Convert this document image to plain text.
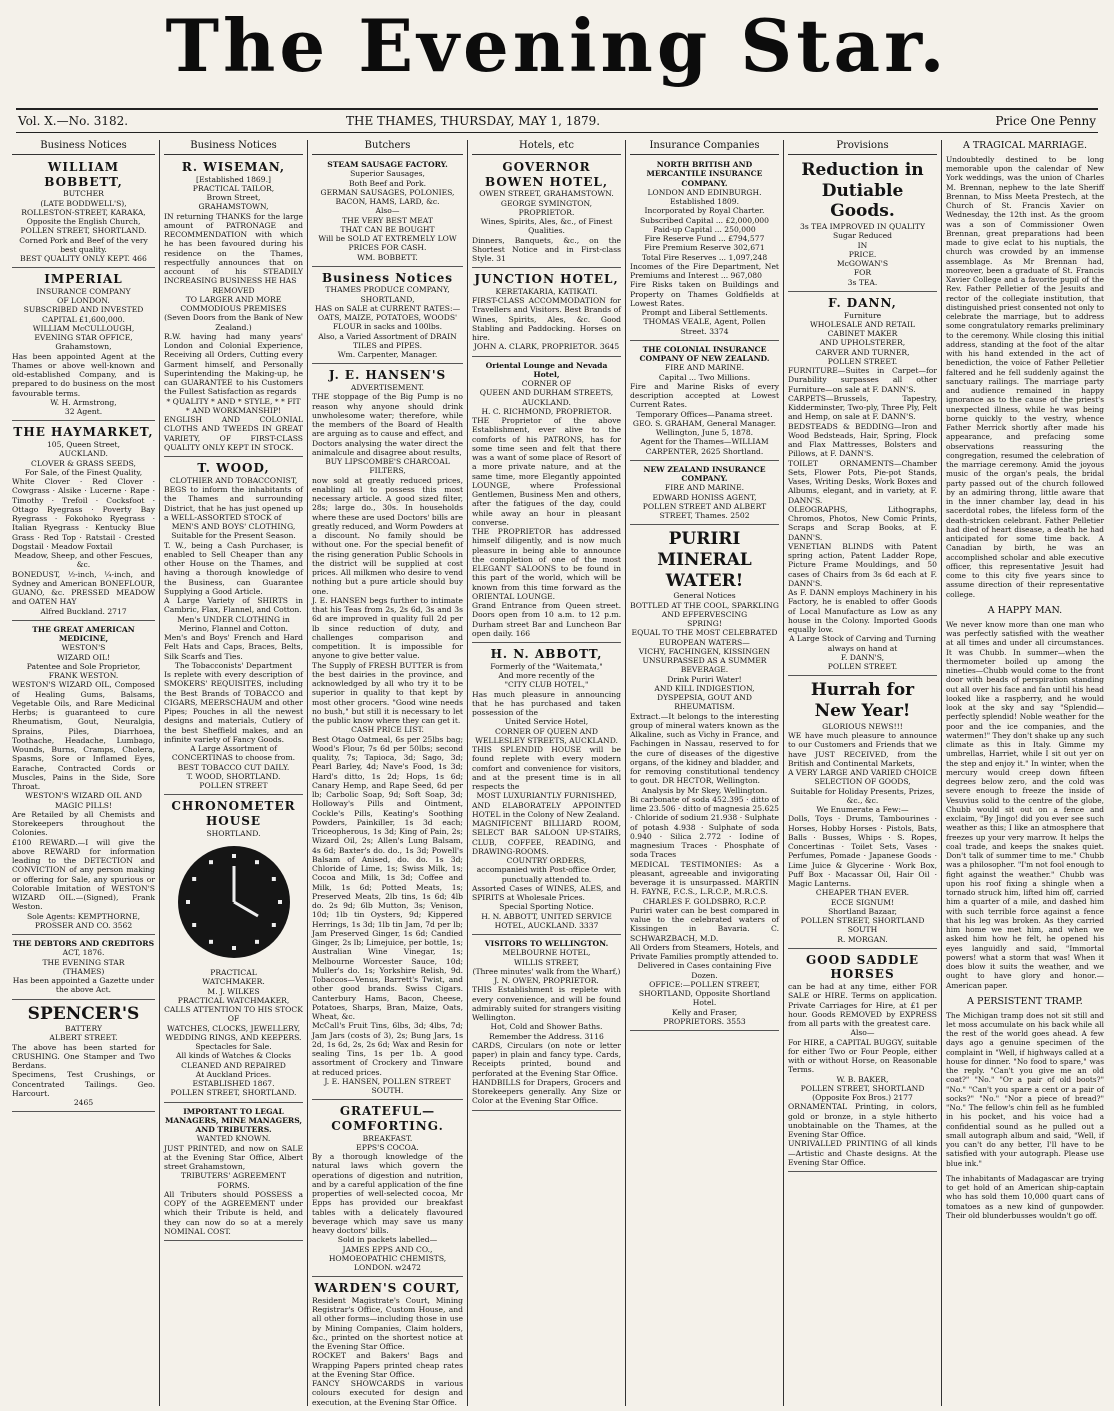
The Evening Star.
Vol. X.—No. 3182.	THE THAMES, THURSDAY, MAY 1, 1879.	Price One Penny
Business Notices
WILLIAM BOBBETT,
BUTCHER
(LATE BODDWELL'S),
ROLLESTON-STREET, KARAKA,
Opposite the English Church,
POLLEN STREET, SHORTLAND.
Corned Pork and Beef of the very best quality.
BEST QUALITY ONLY KEPT. 466
IMPERIAL
INSURANCE COMPANY
OF LONDON.
SUBSCRIBED AND INVESTED
CAPITAL £1,600,000.
WILLIAM McCULLOUGH,
EVENING STAR OFFICE,
Grahamstown,
Has been appointed Agent at the Thames or above well-known and old-established Company, and is prepared to do business on the most favourable terms.
W. H. Armstrong,
32 Agent.
THE HAYMARKET,
105, Queen Street,
AUCKLAND.
CLOVER & GRASS SEEDS,
For Sale, of the Finest Quality,
White Clover · Red Clover · Cowgrass · Alsike · Lucerne · Rape · Timothy · Trefoil · Cocksfoot · Ottago Ryegrass · Poverty Bay Ryegrass · Fokohoko Ryegrass · Italian Ryegrass · Kentucky Blue Grass · Red Top · Ratstail · Crested Dogstail · Meadow Foxtail
Meadow, Sheep, and other Fescues, &c.
BONEDUST, ½-inch, ¼-inch, and Sydney and American BONEFLOUR, GUANO, &c. PRESSED MEADOW and OATEN HAY
Alfred Buckland. 2717
THE GREAT AMERICAN MEDICINE,
WESTON'S
WIZARD OIL!
Patentee and Sole Proprietor, FRANK WESTON.
WESTON'S WIZARD OIL, Composed of Healing Gums, Balsams, Vegetable Oils, and Rare Medicinal Herbs; is guaranteed to cure Rheumatism, Gout, Neuralgia, Sprains, Piles, Diarrhoea, Toothache, Headache, Lumbago, Wounds, Burns, Cramps, Cholera, Spasms, Sore or Inflamed Eyes, Earache, Contracted Cords or Muscles, Pains in the Side, Sore Throat.
WESTON'S WIZARD OIL AND MAGIC PILLS!
Are Retailed by all Chemists and Storekeepers throughout the Colonies.
£100 REWARD.—I will give the above REWARD for information leading to the DETECTION and CONVICTION of any person making or offering for Sale, any spurious or Colorable Imitation of WESTON'S WIZARD OIL.—(Signed), Frank Weston.
Sole Agents: KEMPTHORNE, PROSSER AND CO. 3562
THE DEBTORS AND CREDITORS
ACT, 1876.
THE EVENING STAR
(THAMES)
Has been appointed a Gazette under the above Act.
SPENCER'S
BATTERY
ALBERT STREET.
The above has been started for CRUSHING. One Stamper and Two Berdans.
Specimens, Test Crushings, or Concentrated Tailings. Geo. Harcourt.
2465
Business Notices
R. WISEMAN,
[Established 1869.]
PRACTICAL TAILOR,
Brown Street,
GRAHAMSTOWN,
IN returning THANKS for the large amount of PATRONAGE and RECOMMENDATION with which he has been favoured during his residence on the Thames, respectfully announces that on account of his STEADILY INCREASING BUSINESS HE HAS
REMOVED
TO LARGER AND MORE COMMODIOUS PREMISES
(Seven Doors from the Bank of New Zealand.)
R.W. having had many years' London and Colonial Experience, Receiving all Orders, Cutting every Garment himself, and Personally Superintending the Making-up, he can GUARANTEE to his Customers the Fullest Satisfaction as regards
* QUALITY * AND * STYLE, * * FIT * AND WORKMANSHIP!
ENGLISH AND COLONIAL CLOTHS AND TWEEDS IN GREAT VARIETY, OF FIRST-CLASS QUALITY ONLY KEPT IN STOCK.
T. WOOD,
CLOTHIER AND TOBACCONIST,
BEGS to inform the inhabitants of the Thames and surrounding District, that he has just opened up a WELL-ASSORTED STOCK of
MEN'S AND BOYS' CLOTHING,
Suitable for the Present Season.
T. W., being a Cash Purchaser, is enabled to Sell Cheaper than any other House on the Thames, and having a thorough knowledge of the Business, can Guarantee Supplying a Good Article.
A Large Variety of SHIRTS in Cambric, Flax, Flannel, and Cotton.
Men's UNDER CLOTHING in Merino, Flannel and Cotton.
Men's and Boys' French and Hard Felt Hats and Caps, Braces, Belts, Silk Scarfs and Ties.
The Tobacconists' Department
Is replete with every description of SMOKERS' REQUISITES, including the Best Brands of TOBACCO and CIGARS, MEERSCHAUM and other Pipes; Pouches in all the newest designs and materials, Cutlery of the best Sheffield makes, and an infinite variety of Fancy Goods.
A Large Assortment of CONCERTINAS to choose from.
BEST TOBACCO CUT DAILY.
T. WOOD, SHORTLAND.
POLLEN STREET
CHRONOMETER HOUSE
SHORTLAND.
PRACTICAL
WATCHMAKER.
M. J. WILKES
PRACTICAL WATCHMAKER,
CALLS ATTENTION TO HIS STOCK OF
WATCHES, CLOCKS, JEWELLERY, WEDDING RINGS, AND KEEPERS.
Spectacles for Sale.
All kinds of Watches & Clocks
CLEANED AND REPAIRED
At Auckland Prices.
ESTABLISHED 1867.
POLLEN STREET, SHORTLAND.
IMPORTANT TO LEGAL MANAGERS, MINE MANAGERS, AND TRIBUTERS.
WANTED KNOWN.
JUST PRINTED, and now on SALE at the Evening Star Office, Albert street Grahamstown,
TRIBUTERS' AGREEMENT FORMS.
All Tributers should POSSESS a COPY of the AGREEMENT under which their Tribute is held, and they can now do so at a merely NOMINAL COST.
Butchers
STEAM SAUSAGE FACTORY.
Superior Sausages,
Both Beef and Pork.
GERMAN SAUSAGES, POLONIES,
BACON, HAMS, LARD, &c.
Also—
THE VERY BEST MEAT
THAT CAN BE BOUGHT
Will be SOLD AT EXTREMELY LOW PRICES FOR CASH.
WM. BOBBETT.
Business Notices
THAMES PRODUCE COMPANY, SHORTLAND,
HAS on SALE at CURRENT RATES:—
OATS, MAIZE, POTATOES, WOODS' FLOUR in sacks and 100lbs.
Also, a Varied Assortment of DRAIN TILES and PIPES.
Wm. Carpenter, Manager.
J. E. HANSEN'S
ADVERTISEMENT.
THE stoppage of the Big Pump is no reason why anyone should drink unwholesome water; therefore, while the members of the Board of Health are arguing as to cause and effect, and Doctors analysing the water direct the animalcule and disagree about results,
BUY LIPSCOMBE'S CHARCOAL FILTERS,
now sold at greatly reduced prices, enabling all to possess this most necessary article. A good sized filter, 28s; large do., 30s. In households where these are used Doctors' bills are greatly reduced, and Worm Powders at a discount. No family should be without one. For the special benefit of the rising generation Public Schools in the district will be supplied at cost prices. All milkmen who desire to vend nothing but a pure article should buy one.
J. E. HANSEN begs further to intimate that his Teas from 2s, 2s 6d, 3s and 3s 6d are improved in quality full 2d per lb since reduction of duty, and challenges comparison and competition. It is impossible for anyone to give better value.
The Supply of FRESH BUTTER is from the best dairies in the province, and acknowledged by all who try it to be superior in quality to that kept by most other grocers. "Good wine needs no bush," but still it is necessary to let the public know where they can get it.
CASH PRICE LIST.
Best Otago Oatmeal, 6s per 25lbs bag; Wood's Flour, 7s 6d per 50lbs; second quality, 7s; Tapioca, 3d; Sago, 3d; Pearl Barley, 4d; Nave's Food, 1s 3d; Hard's ditto, 1s 2d; Hops, 1s 6d; Canary Hemp, and Rape Seed, 6d per lb; Carbolic Soap, 9d; Soft Soap, 3d; Holloway's Pills and Ointment, Cockle's Pills, Keating's Soothing Powders, Painkiller, 1s 3d each; Triceopherous, 1s 3d; King of Pain, 2s; Wizard Oil, 2s; Allen's Lung Balsam, 4s 6d; Baxter's do. do., 1s 3d; Powell's Balsam of Anised, do. do. 1s 3d; Chloride of Lime, 1s; Swiss Milk, 1s; Cocoa and Milk, 1s 3d; Coffee and Milk, 1s 6d; Potted Meats, 1s; Preserved Meats, 2lb tins, 1s 6d; 4lb do. 2s 9d; 6lb Mutton, 3s; Venison, 10d; 1lb tin Oysters, 9d; Kippered Herrings, 1s 3d; 1lb tin Jam, 7d per lb; Jam Preserved Ginger, 1s 6d; Candied Ginger, 2s lb; Limejuice, per bottle, 1s; Australian Wine Vinegar, 1s; Melbourne Worcester Sauce, 10d; Muller's do. 1s; Yorkshire Relish, 9d. Tobaccos—Venus, Barrett's Twist, and other good brands. Swiss Cigars. Canterbury Hams, Bacon, Cheese, Potatoes, Sharps, Bran, Maize, Oats, Wheat, &c.
McCall's Fruit Tins, 6lbs, 3d; 4lbs, 7d; Jam Jars (costs of 3), 2s; Bung Jars, 1s 2d, 1s 6d, 2s, 2s 6d; Wax and Resin for sealing Tins, 1s per 1b. A good assortment of Crockery and Tinware at reduced prices.
J. E. HANSEN, POLLEN STREET SOUTH.
GRATEFUL—COMFORTING.
BREAKFAST.
EPPS'S COCOA.
By a thorough knowledge of the natural laws which govern the operations of digestion and nutrition, and by a careful application of the fine properties of well-selected cocoa, Mr Epps has provided our breakfast tables with a delicately flavoured beverage which may save us many heavy doctors' bills.
Sold in packets labelled—
JAMES EPPS AND CO., HOMOEOPATHIC CHEMISTS, LONDON. w2472
WARDEN'S COURT,
Resident Magistrate's Court, Mining Registrar's Office, Custom House, and all other forms—including those in use by Mining Companies, Claim holders, &c., printed on the shortest notice at the Evening Star Office.
ROCKET and Bakers' Bags and Wrapping Papers printed cheap rates at the Evening Star Office.
FANCY SHOWCARDS in various colours executed for design and execution, at the Evening Star Office.
Hotels, etc
GOVERNOR BOWEN HOTEL,
OWEN STREET, GRAHAMSTOWN.
GEORGE SYMINGTON, PROPRIETOR.
Wines, Spirits, Ales, &c., of Finest Qualities.
Dinners, Banquets, &c., on the Shortest Notice and in First-class Style. 31
JUNCTION HOTEL,
KERETAKARIA, KATIKATI.
FIRST-CLASS ACCOMMODATION for Travellers and Visitors. Best Brands of Wines, Spirits, Ales, &c. Good Stabling and Paddocking. Horses on hire.
JOHN A. CLARK, PROPRIETOR. 3645
Oriental Lounge and Nevada Hotel,
CORNER OF
QUEEN AND DURHAM STREETS, AUCKLAND.
H. C. RICHMOND, PROPRIETOR.
THE Proprietor of the above Establishment, ever alive to the comforts of his PATRONS, has for some time seen and felt that there was a want of some place of Resort of a more private nature, and at the same time, more Elegantly appointed LOUNGE, where Professional Gentlemen, Business Men and others, after the fatigues of the day, could while away an hour in pleasant converse.
THE PROPRIETOR has addressed himself diligently, and is now much pleasure in being able to announce the completion of one of the most ELEGANT SALOONS to be found in this part of the world, which will be known from this time forward as the ORIENTAL LOUNGE.
Grand Entrance from Queen street. Doors open from 10 a.m. to 12 p.m. Durham street Bar and Luncheon Bar open daily. 166
H. N. ABBOTT,
Formerly of the "Waitemata,"
And more recently of the
"CITY CLUB HOTEL,"
Has much pleasure in announcing that he has purchased and taken possession of the
United Service Hotel,
CORNER OF QUEEN AND WELLESLEY STREETS, AUCKLAND.
THIS SPLENDID HOUSE will be found replete with every modern comfort and convenience for visitors, and at the present time is in all respects the
MOST LUXURIANTLY FURNISHED,
AND ELABORATELY APPOINTED HOTEL in the Colony of New Zealand.
MAGNIFICENT BILLIARD ROOM, SELECT BAR SALOON UP-STAIRS, CLUB, COFFEE, READING, and DRAWING-ROOMS.
COUNTRY ORDERS,
accompanied with Post-office Order, punctually attended to.
Assorted Cases of WINES, ALES, and SPIRITS at Wholesale Prices.
Special Sporting Notice.
H. N. ABBOTT, UNITED SERVICE HOTEL, AUCKLAND. 3337
VISITORS TO WELLINGTON.
MELBOURNE HOTEL,
WILLIS STREET,
(Three minutes' walk from the Wharf,)
J. N. OWEN, PROPRIETOR.
THIS Establishment is replete with every convenience, and will be found admirably suited for strangers visiting Wellington.
Hot, Cold and Shower Baths. Remember the Address. 3116
CARDS, Circulars (on note or letter paper) in plain and fancy type. Cards, Receipts printed, bound and perforated at the Evening Star Office.
HANDBILLS for Drapers, Grocers and Storekeepers generally. Any Size or Color at the Evening Star Office.
Insurance Companies
NORTH BRITISH AND MERCANTILE INSURANCE COMPANY.
LONDON AND EDINBURGH.
Established 1809.
Incorporated by Royal Charter.
Subscribed Capital ... £2,000,000
Paid-up Capital ... 250,000
Fire Reserve Fund ... £794,577
Fire Premium Reserve 302,671
Total Fire Reserves ... 1,097,248
Incomes of the Fire Department, Net Premiums and Interest ... 967,080
Fire Risks taken on Buildings and Property on Thames Goldfields at Lowest Rates.
Prompt and Liberal Settlements.
THOMAS VEALE, Agent, Pollen Street. 3374
THE COLONIAL INSURANCE COMPANY OF NEW ZEALAND.
FIRE AND MARINE.
Capital ... Two Millions.
Fire and Marine Risks of every description accepted at Lowest Current Rates.
Temporary Offices—Panama street.
GEO. S. GRAHAM, General Manager.
Wellington, June 5, 1878.
Agent for the Thames—WILLIAM CARPENTER, 2625 Shortland.
NEW ZEALAND INSURANCE COMPANY.
FIRE AND MARINE.
EDWARD HONISS AGENT,
POLLEN STREET AND ALBERT STREET, Thames. 2502
PURIRI MINERAL WATER!
General Notices
BOTTLED AT THE COOL, SPARKLING AND EFFERVESCING
SPRING!
EQUAL TO THE MOST CELEBRATED EUROPEAN WATERS—
VICHY, FACHINGEN, KISSINGEN
UNSURPASSED AS A SUMMER BEVERAGE.
Drink Puriri Water!
AND KILL INDIGESTION, DYSPEPSIA, GOUT AND RHEUMATISM.
Extract.—It belongs to the interesting group of mineral waters known as the Alkaline, such as Vichy in France, and Fachingen in Nassau, reserved to for the cure of diseases of the digestive organs, of the kidney and bladder, and for removing constitutional tendency to gout. DR HECTOR, Wellington.
Analysis by Mr Skey, Wellington.
Bi carbonate of soda 452.395 · ditto of lime 23.506 · ditto of magnesia 25.625 · Chloride of sodium 21.938 · Sulphate of potash 4.938 · Sulphate of soda 0.940 · Silica 2.772 · Iodine of magnesium Traces · Phosphate of soda Traces
MEDICAL TESTIMONIES: As a pleasant, agreeable and invigorating beverage it is unsurpassed. MARTIN H. FAYNE, F.C.S., L.R.C.P., M.R.C.S.
CHARLES F. GOLDSBRO, R.C.P.
Puriri water can be best compared in value to the celebrated waters of Kissingen in Bavaria. C. SCHWARZBACH, M.D.
All Orders from Steamers, Hotels, and Private Families promptly attended to.
Delivered in Cases containing Five Dozen.
OFFICE:—POLLEN STREET, SHORTLAND, Opposite Shortland Hotel.
Kelly and Fraser,
PROPRIETORS. 3553
Provisions
Reduction in Dutiable Goods.
3s TEA IMPROVED IN QUALITY
Sugar Reduced
IN
PRICE.
McGOWAN'S
FOR
3s TEA.
F. DANN,
Furniture
WHOLESALE AND RETAIL
CABINET MAKER
AND UPHOLSTERER,
CARVER AND TURNER,
POLLEN STREET.
FURNITURE—Suites in Carpet—for Durability surpasses all other Furniture—on sale at F. DANN'S.
CARPETS—Brussels, Tapestry, Kidderminster, Two-ply, Three Ply, Felt and Hemp, on sale at F. DANN'S.
BEDSTEADS & BEDDING—Iron and Wood Bedsteads, Hair, Spring, Flock and Flax Mattresses, Bolsters and Pillows, at F. DANN'S.
TOILET ORNAMENTS—Chamber Sets, Flower Pots, Pie-pot Stands, Vases, Writing Desks, Work Boxes and Albums, elegant, and in variety, at F. DANN'S.
OLEOGRAPHS, Lithographs, Chromos, Photos, New Comic Prints, Scraps and Scrap Books, at F. DANN'S.
VENETIAN BLINDS with Patent spring action, Patent Ladder Rope, Picture Frame Mouldings, and 50 cases of Chairs from 3s 6d each at F. DANN'S.
As F. DANN employs Machinery in his Factory, he is enabled to offer Goods of Local Manufacture as Low as any house in the Colony. Imported Goods equally low.
A Large Stock of Carving and Turning always on hand at
F. DANN'S,
POLLEN STREET.
Hurrah for New Year!
GLORIOUS NEWS!!!
WE have much pleasure to announce to our Customers and Friends that we have JUST RECEIVED, from the British and Continental Markets,
A VERY LARGE AND VARIED CHOICE SELECTION OF GOODS,
Suitable for Holiday Presents, Prizes, &c., &c.
We Enumerate a Few:—
Dolls, Toys · Drums, Tambourines · Horses, Hobby Horses · Pistols, Bats, Balls · Busses, Whips · S. Ropes, Concertinas · Toilet Sets, Vases · Perfumes, Pomade · Japanese Goods · Lime Juice & Glycerine · Work Box, Puff Box · Macassar Oil, Hair Oil · Magic Lanterns.
CHEAPER THAN EVER.
ECCE SIGNUM!
Shortland Bazaar,
POLLEN STREET, SHORTLAND SOUTH
R. MORGAN.
GOOD SADDLE HORSES
can be had at any time, either FOR SALE or HIRE. Terms on application. Private Carriages for Hire, at £1 per hour. Goods REMOVED by EXPRESS from all parts with the greatest care.
Also—
For HIRE, a CAPITAL BUGGY, suitable for either Two or Four People, either with or without Horse, on Reasonable Terms.
W. B. BAKER,
POLLEN STREET, SHORTLAND
(Opposite Fox Bros.) 2177
ORNAMENTAL Printing, in colors, gold or bronze, in a style hitherto unobtainable on the Thames, at the Evening Star Office.
UNRIVALLED PRINTING of all kinds—Artistic and Chaste designs. At the Evening Star Office.
A TRAGICAL MARRIAGE.
Undoubtedly destined to be long memorable upon the calendar of New York weddings, was the union of Charles M. Brennan, nephew to the late Sheriff Brennan, to Miss Meeta Prestech, at the Church of St. Francis Xavier on Wednesday, the 12th inst. As the groom was a son of Commissioner Owen Brennan, great preparations had been made to give eclat to his nuptials, the church was crowded by an immense assemblage. As Mr Brennan had, moreover, been a graduate of St. Francis Xavier College and a favorite pupil of the Rev. Father Pelletier of the Jesuits and rector of the collegiate institution, that distinguished priest consented not only to celebrate the marriage, but to address some congratulatory remarks preliminary to the ceremony. While closing this initial address, standing at the foot of the altar with his hand extended in the act of benediction, the voice of Father Pelletier faltered and he fell suddenly against the sanctuary railings. The marriage party and audience remained in happy ignorance as to the cause of the priest's unexpected illness, while he was being borne quickly to the vestry, whence Father Merrick shortly after made his appearance, and prefacing some observations reassuring the congregation, resumed the celebration of the marriage ceremony. Amid the joyous music of the organ's peals, the bridal party passed out of the church followed by an admiring throng, little aware that in the inner chamber lay, dead in his sacerdotal robes, the lifeless form of the death-stricken celebrant. Father Pelletier had died of heart disease, a death he had anticipated for some time back. A Canadian by birth, he was an accomplished scholar and able executive officer, this representative Jesuit had come to this city five years since to assume direction of their representative college.
A HAPPY MAN.
We never know more than one man who was perfectly satisfied with the weather at all times and under all circumstances. It was Chubb. In summer—when the thermometer boiled up among the nineties—Chubb would come to the front door with beads of perspiration standing out all over his face and fan until his head looked like a raspberry, and he would look at the sky and say "Splendid—perfectly splendid! Noble weather for the poor and the ice companies, and the watermen!" They don't shake up any such climate as this in Italy. Gimme my umbrellas, Harriet, while I sit out yer on the step and enjoy it." In winter, when the mercury would creep down fifteen degrees below zero, and the cold was severe enough to freeze the inside of Vesuvius solid to the centre of the globe, Chubb would sit out on a fence and exclaim, "By Jingo! did you ever see such weather as this; I like an atmosphere that freezes up your very marrow. It helps the coal trade, and keeps the snakes quiet. Don't talk of summer time to me." Chubb was a philosopher. "I'm not fool enough to fight against the weather." Chubb was upon his roof fixing a shingle when a tornado struck him, lifted him off, carried him a quarter of a mile, and dashed him with such terrible force against a fence that his leg was broken. As they carried him home we met him, and when we asked him how he felt, he opened his eyes languidly and said, "Immortal powers! what a storm that was! When it does blow it suits the weather, and we ought to have glory and honor.—American paper.
A PERSISTENT TRAMP.
The Michigan tramp does not sit still and let moss accumulate on his back while all the rest of the world goes ahead. A few days ago a genuine specimen of the complaint in "Well, if highways called at a house for dinner. "No food to spare," was the reply. "Can't you give me an old coat?" "No." "Or a pair of old boots?" "No." "Can't you spare a cent or a pair of socks?" "No." "Nor a piece of bread?" "No." The fellow's chin fell as he fumbled in his pocket, and his voice had a confidential sound as he pulled out a small autograph album and said, "Well, if you can't do any better, I'll have to be satisfied with your autograph. Please use blue ink."
The inhabitants of Madagascar are trying to get hold of an American ship-captain who has sold them 10,000 quart cans of tomatoes as a new kind of gunpowder. Their old blunderbusses wouldn't go off.
